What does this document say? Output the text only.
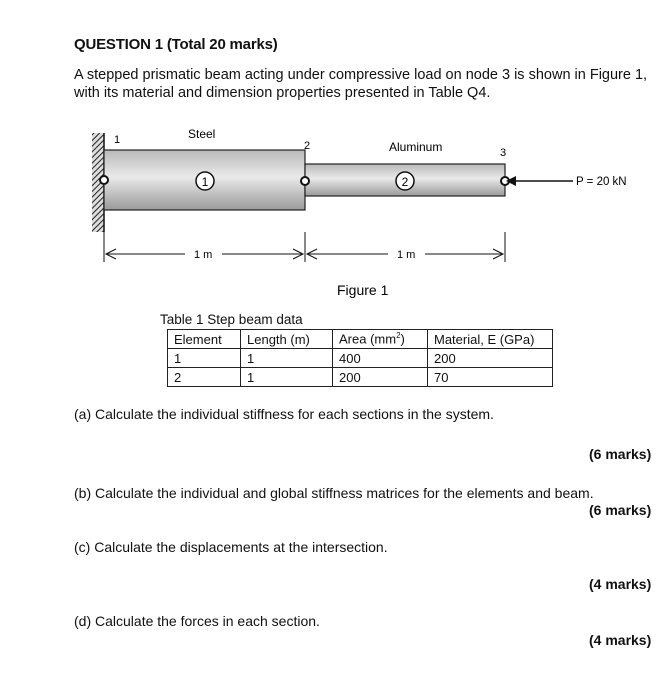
QUESTION 1 (Total 20 marks)
A stepped prismatic beam acting under compressive load on node 3 is shown in Figure 1,
with its material and dimension properties presented in Table Q4.
1	2
1	Steel
2	Aluminum	3
P = 20 kN
1 m	1 m
Figure 1
Table 1 Step beam data
Element	Length (m)	Area $(mm^2)$	Material, E (GPa)
1	1	400	200
2	1	200	70
(a) Calculate the individual stiffness for each sections in the system.
(6 marks)
(b) Calculate the individual and global stiffness matrices for the elements and beam.
(6 marks)
(c) Calculate the displacements at the intersection.
(4 marks)
(d) Calculate the forces in each section.
(4 marks)
